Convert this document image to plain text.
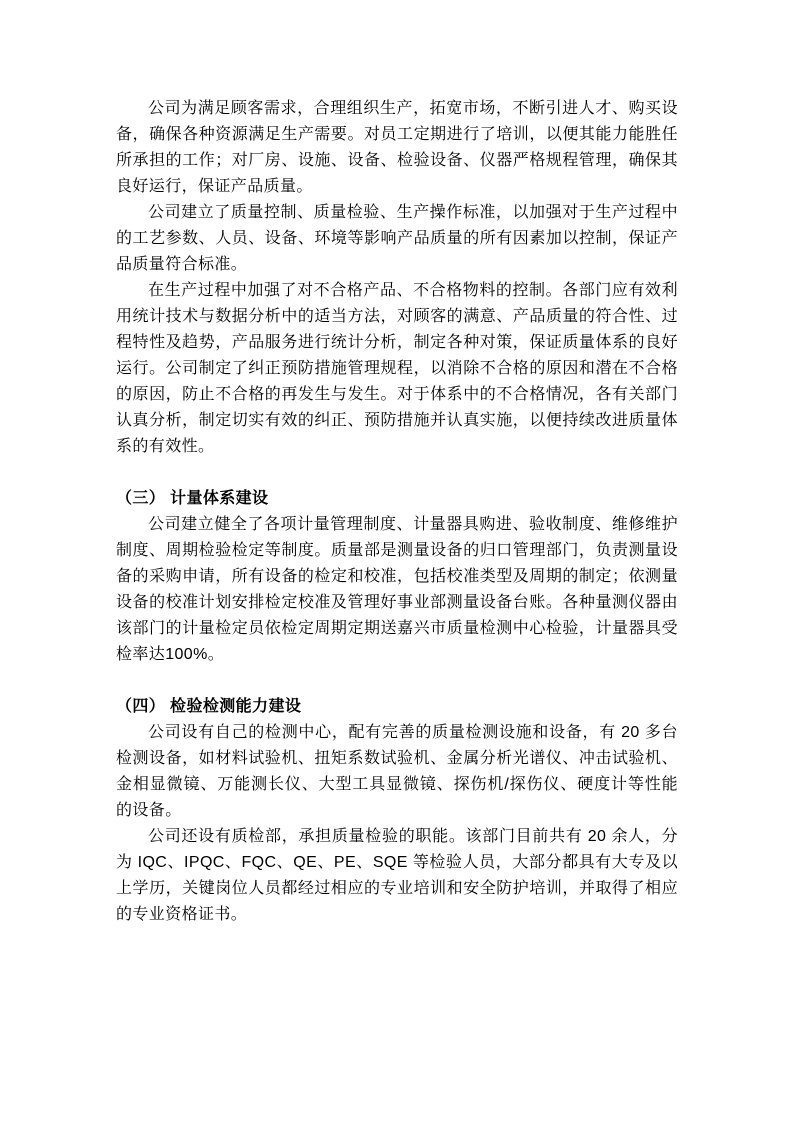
公司为满足顾客需求，合理组织生产，拓宽市场，不断引进人才、购买设备，确保各种资源满足生产需要。对员工定期进行了培训，以便其能力能胜任所承担的工作；对厂房、设施、设备、检验设备、仪器严格规程管理，确保其良好运行，保证产品质量。

公司建立了质量控制、质量检验、生产操作标准，以加强对于生产过程中的工艺参数、人员、设备、环境等影响产品质量的所有因素加以控制，保证产品质量符合标准。

在生产过程中加强了对不合格产品、不合格物料的控制。各部门应有效利用统计技术与数据分析中的适当方法，对顾客的满意、产品质量的符合性、过程特性及趋势，产品服务进行统计分析，制定各种对策，保证质量体系的良好运行。公司制定了纠正预防措施管理规程，以消除不合格的原因和潜在不合格的原因，防止不合格的再发生与发生。对于体系中的不合格情况，各有关部门认真分析，制定切实有效的纠正、预防措施并认真实施，以便持续改进质量体系的有效性。

（三） 计量体系建设

公司建立健全了各项计量管理制度、计量器具购进、验收制度、维修维护制度、周期检验检定等制度。质量部是测量设备的归口管理部门，负责测量设备的采购申请，所有设备的检定和校准，包括校准类型及周期的制定；依测量设备的校准计划安排检定校准及管理好事业部测量设备台账。各种量测仪器由该部门的计量检定员依检定周期定期送嘉兴市质量检测中心检验，计量器具受检率达100%。

（四） 检验检测能力建设

公司设有自己的检测中心，配有完善的质量检测设施和设备，有 20 多台检测设备，如材料试验机、扭矩系数试验机、金属分析光谱仪、冲击试验机、金相显微镜、万能测长仪、大型工具显微镜、探伤机/探伤仪、硬度计等性能的设备。

公司还设有质检部，承担质量检验的职能。该部门目前共有 20 余人，分为 IQC、IPQC、FQC、QE、PE、SQE 等检验人员，大部分都具有大专及以上学历，关键岗位人员都经过相应的专业培训和安全防护培训，并取得了相应的专业资格证书。
